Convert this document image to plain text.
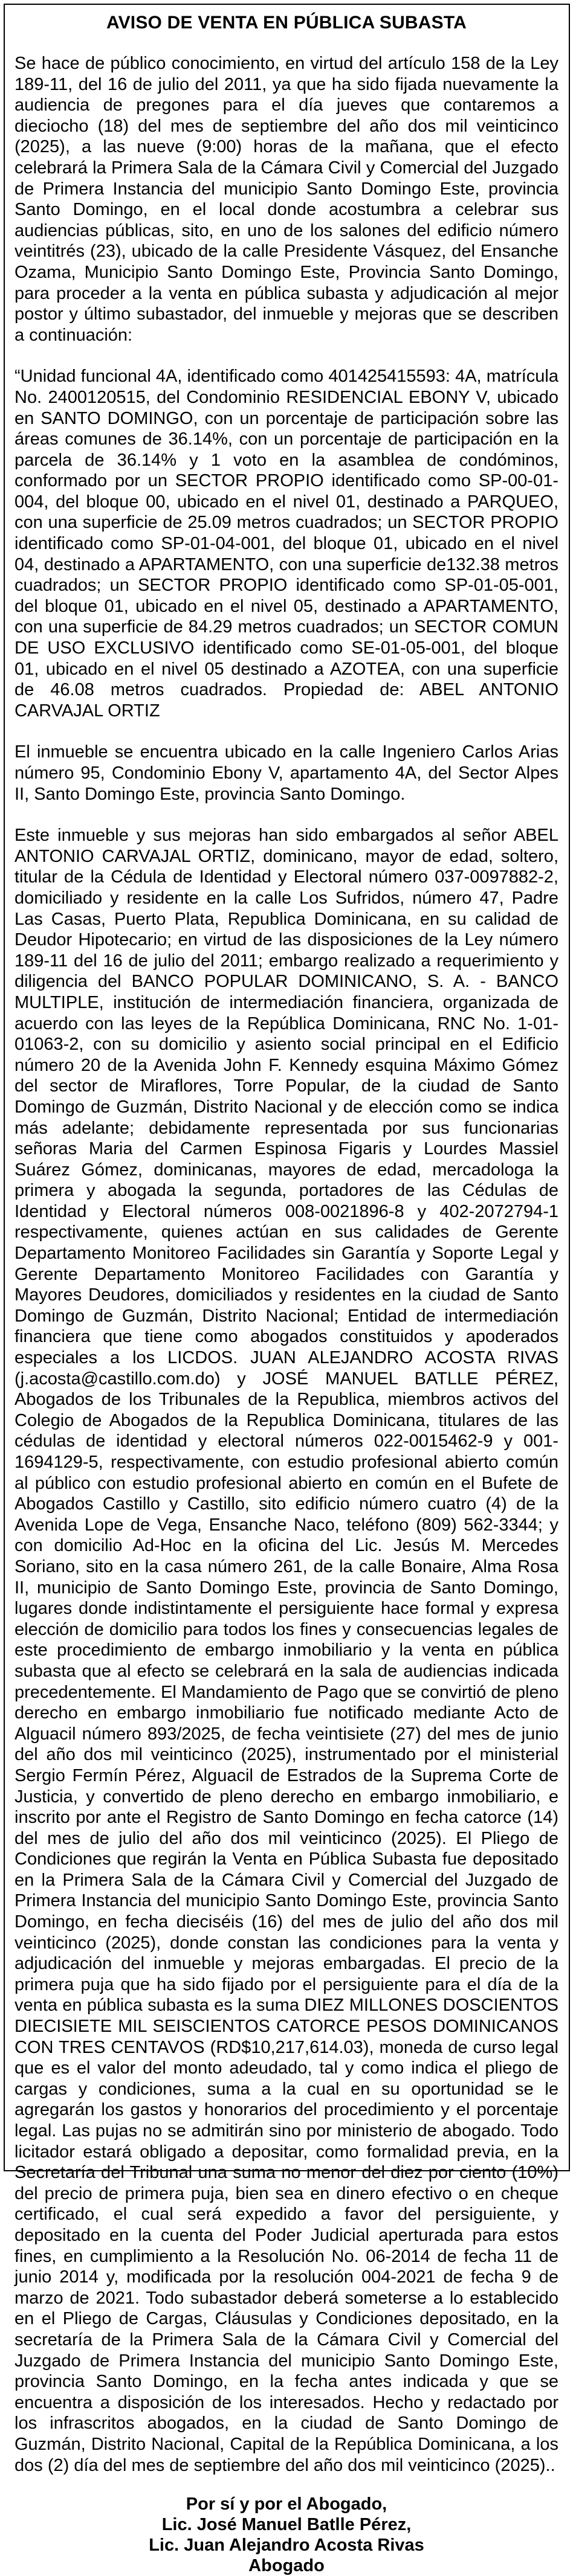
AVISO DE VENTA EN PÚBLICA SUBASTA

Se hace de público conocimiento, en virtud del artículo 158 de la Ley 189-11, del 16 de julio del 2011, ya que ha sido fijada nuevamente la audiencia de pregones para el día jueves que contaremos a dieciocho (18) del mes de septiembre del año dos mil veinticinco (2025), a las nueve (9:00) horas de la mañana, que el efecto celebrará la Primera Sala de la Cámara Civil y Comercial del Juzgado de Primera Instancia del municipio Santo Domingo Este, provincia Santo Domingo, en el local donde acostumbra a celebrar sus audiencias públicas, sito, en uno de los salones del edificio número veintitrés (23), ubicado de la calle Presidente Vásquez, del Ensanche Ozama, Municipio Santo Domingo Este, Provincia Santo Domingo, para proceder a la venta en pública subasta y adjudicación al mejor postor y último subastador, del inmueble y mejoras que se describen a continuación:

“Unidad funcional 4A, identificado como 401425415593: 4A, matrícula No. 2400120515, del Condominio RESIDENCIAL EBONY V, ubicado en SANTO DOMINGO, con un porcentaje de participación sobre las áreas comunes de 36.14%, con un porcentaje de participación en la parcela de 36.14% y 1 voto en la asamblea de condóminos, conformado por un SECTOR PROPIO identificado como SP-00-01-004, del bloque 00, ubicado en el nivel 01, destinado a PARQUEO, con una superficie de 25.09 metros cuadrados; un SECTOR PROPIO identificado como SP-01-04-001, del bloque 01, ubicado en el nivel 04, destinado a APARTAMENTO, con una superficie de132.38 metros cuadrados; un SECTOR PROPIO identificado como SP-01-05-001, del bloque 01, ubicado en el nivel 05, destinado a APARTAMENTO, con una superficie de 84.29 metros cuadrados; un SECTOR COMUN DE USO EXCLUSIVO identificado como SE-01-05-001, del bloque 01, ubicado en el nivel 05 destinado a AZOTEA, con una superficie de 46.08 metros cuadrados. Propiedad de: ABEL ANTONIO CARVAJAL ORTIZ

El inmueble se encuentra ubicado en la calle Ingeniero Carlos Arias número 95, Condominio Ebony V, apartamento 4A, del Sector Alpes II, Santo Domingo Este, provincia Santo Domingo.

Este inmueble y sus mejoras han sido embargados al señor ABEL ANTONIO CARVAJAL ORTIZ, dominicano, mayor de edad, soltero, titular de la Cédula de Identidad y Electoral número 037-0097882-2, domiciliado y residente en la calle Los Sufridos, número 47, Padre Las Casas, Puerto Plata, Republica Dominicana, en su calidad de Deudor Hipotecario; en virtud de las disposiciones de la Ley número 189-11 del 16 de julio del 2011; embargo realizado a requerimiento y diligencia del BANCO POPULAR DOMINICANO, S. A. - BANCO MULTIPLE, institución de intermediación financiera, organizada de acuerdo con las leyes de la República Dominicana, RNC No. 1-01-01063-2, con su domicilio y asiento social principal en el Edificio número 20 de la Avenida John F. Kennedy esquina Máximo Gómez del sector de Miraflores, Torre Popular, de la ciudad de Santo Domingo de Guzmán, Distrito Nacional y de elección como se indica más adelante; debidamente representada por sus funcionarias señoras Maria del Carmen Espinosa Figaris y Lourdes Massiel Suárez Gómez, dominicanas, mayores de edad, mercadologa la primera y abogada la segunda, portadores de las Cédulas de Identidad y Electoral números 008-0021896-8 y 402-2072794-1 respectivamente, quienes actúan en sus calidades de Gerente Departamento Monitoreo Facilidades sin Garantía y Soporte Legal y Gerente Departamento Monitoreo Facilidades con Garantía y Mayores Deudores, domiciliados y residentes en la ciudad de Santo Domingo de Guzmán, Distrito Nacional; Entidad de intermediación financiera que tiene como abogados constituidos y apoderados especiales a los LICDOS. JUAN ALEJANDRO ACOSTA RIVAS (j.acosta@castillo.com.do) y JOSÉ MANUEL BATLLE PÉREZ, Abogados de los Tribunales de la Republica, miembros activos del Colegio de Abogados de la Republica Dominicana, titulares de las cédulas de identidad y electoral números 022-0015462-9 y 001-1694129-5, respectivamente, con estudio profesional abierto común al público con estudio profesional abierto en común en el Bufete de Abogados Castillo y Castillo, sito edificio número cuatro (4) de la Avenida Lope de Vega, Ensanche Naco, teléfono (809) 562-3344; y con domicilio Ad-Hoc en la oficina del Lic. Jesús M. Mercedes Soriano, sito en la casa número 261, de la calle Bonaire, Alma Rosa II, municipio de Santo Domingo Este, provincia de Santo Domingo, lugares donde indistintamente el persiguiente hace formal y expresa elección de domicilio para todos los fines y consecuencias legales de este procedimiento de embargo inmobiliario y la venta en pública subasta que al efecto se celebrará en la sala de audiencias indicada precedentemente. El Mandamiento de Pago que se convirtió de pleno derecho en embargo inmobiliario fue notificado mediante Acto de Alguacil número 893/2025, de fecha veintisiete (27) del mes de junio del año dos mil veinticinco (2025), instrumentado por el ministerial Sergio Fermín Pérez, Alguacil de Estrados de la Suprema Corte de Justicia, y convertido de pleno derecho en embargo inmobiliario, e inscrito por ante el Registro de Santo Domingo en fecha catorce (14) del mes de julio del año dos mil veinticinco (2025). El Pliego de Condiciones que regirán la Venta en Pública Subasta fue depositado en la Primera Sala de la Cámara Civil y Comercial del Juzgado de Primera Instancia del municipio Santo Domingo Este, provincia Santo Domingo, en fecha dieciséis (16) del mes de julio del año dos mil veinticinco (2025), donde constan las condiciones para la venta y adjudicación del inmueble y mejoras embargadas. El precio de la primera puja que ha sido fijado por el persiguiente para el día de la venta en pública subasta es la suma DIEZ MILLONES DOSCIENTOS DIECISIETE MIL SEISCIENTOS CATORCE PESOS DOMINICANOS CON TRES CENTAVOS (RD$10,217,614.03), moneda de curso legal que es el valor del monto adeudado, tal y como indica el pliego de cargas y condiciones, suma a la cual en su oportunidad se le agregarán los gastos y honorarios del procedimiento y el porcentaje legal. Las pujas no se admitirán sino por ministerio de abogado. Todo licitador estará obligado a depositar, como formalidad previa, en la Secretaría del Tribunal una suma no menor del diez por ciento (10%) del precio de primera puja, bien sea en dinero efectivo o en cheque certificado, el cual será expedido a favor del persiguiente, y depositado en la cuenta del Poder Judicial aperturada para estos fines, en cumplimiento a la Resolución No. 06-2014 de fecha 11 de junio 2014 y, modificada por la resolución 004-2021 de fecha 9 de marzo de 2021. Todo subastador deberá someterse a lo establecido en el Pliego de Cargas, Cláusulas y Condiciones depositado, en la secretaría de la Primera Sala de la Cámara Civil y Comercial del Juzgado de Primera Instancia del municipio Santo Domingo Este, provincia Santo Domingo, en la fecha antes indicada y que se encuentra a disposición de los interesados. Hecho y redactado por los infrascritos abogados, en la ciudad de Santo Domingo de Guzmán, Distrito Nacional, Capital de la República Dominicana, a los dos (2) día del mes de septiembre del año dos mil veinticinco (2025)..

Por sí y por el Abogado,
Lic. José Manuel Batlle Pérez,
Lic. Juan Alejandro Acosta Rivas
Abogado
